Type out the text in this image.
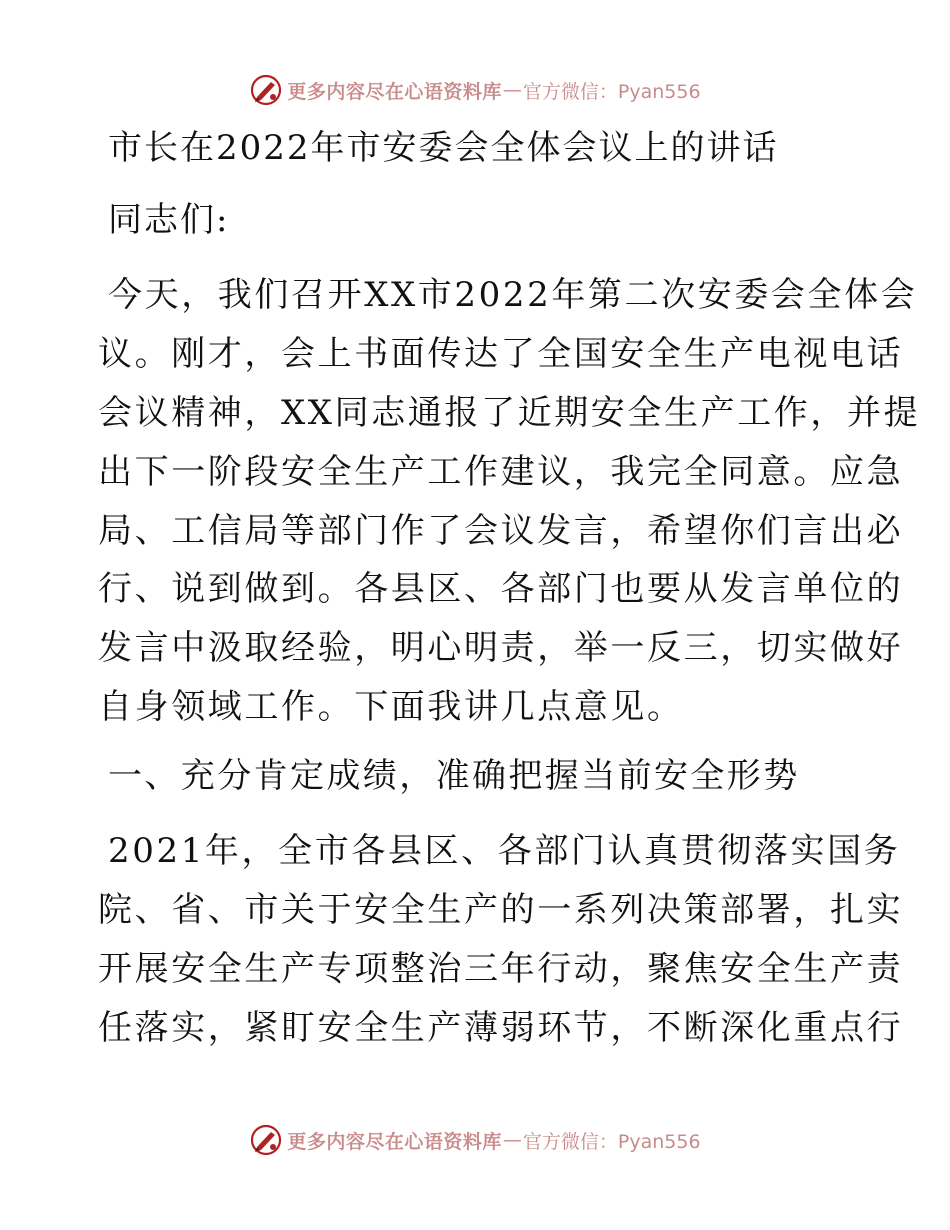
更多内容尽在心语资料库 — 官方微信：Pyan556
市长在2022年市安委会全体会议上的讲话
同志们:
今天，我们召开XX市2022年第二次安委会全体会
议。刚才，会上书面传达了全国安全生产电视电话
会议精神，XX同志通报了近期安全生产工作，并提
出下一阶段安全生产工作建议，我完全同意。应急
局、工信局等部门作了会议发言，希望你们言出必
行、说到做到。各县区、各部门也要从发言单位的
发言中汲取经验，明心明责，举一反三，切实做好
自身领域工作。下面我讲几点意见。
一、充分肯定成绩，准确把握当前安全形势
2021年，全市各县区、各部门认真贯彻落实国务
院、省、市关于安全生产的一系列决策部署，扎实
开展安全生产专项整治三年行动，聚焦安全生产责
任落实，紧盯安全生产薄弱环节，不断深化重点行
更多内容尽在心语资料库 — 官方微信：Pyan556
